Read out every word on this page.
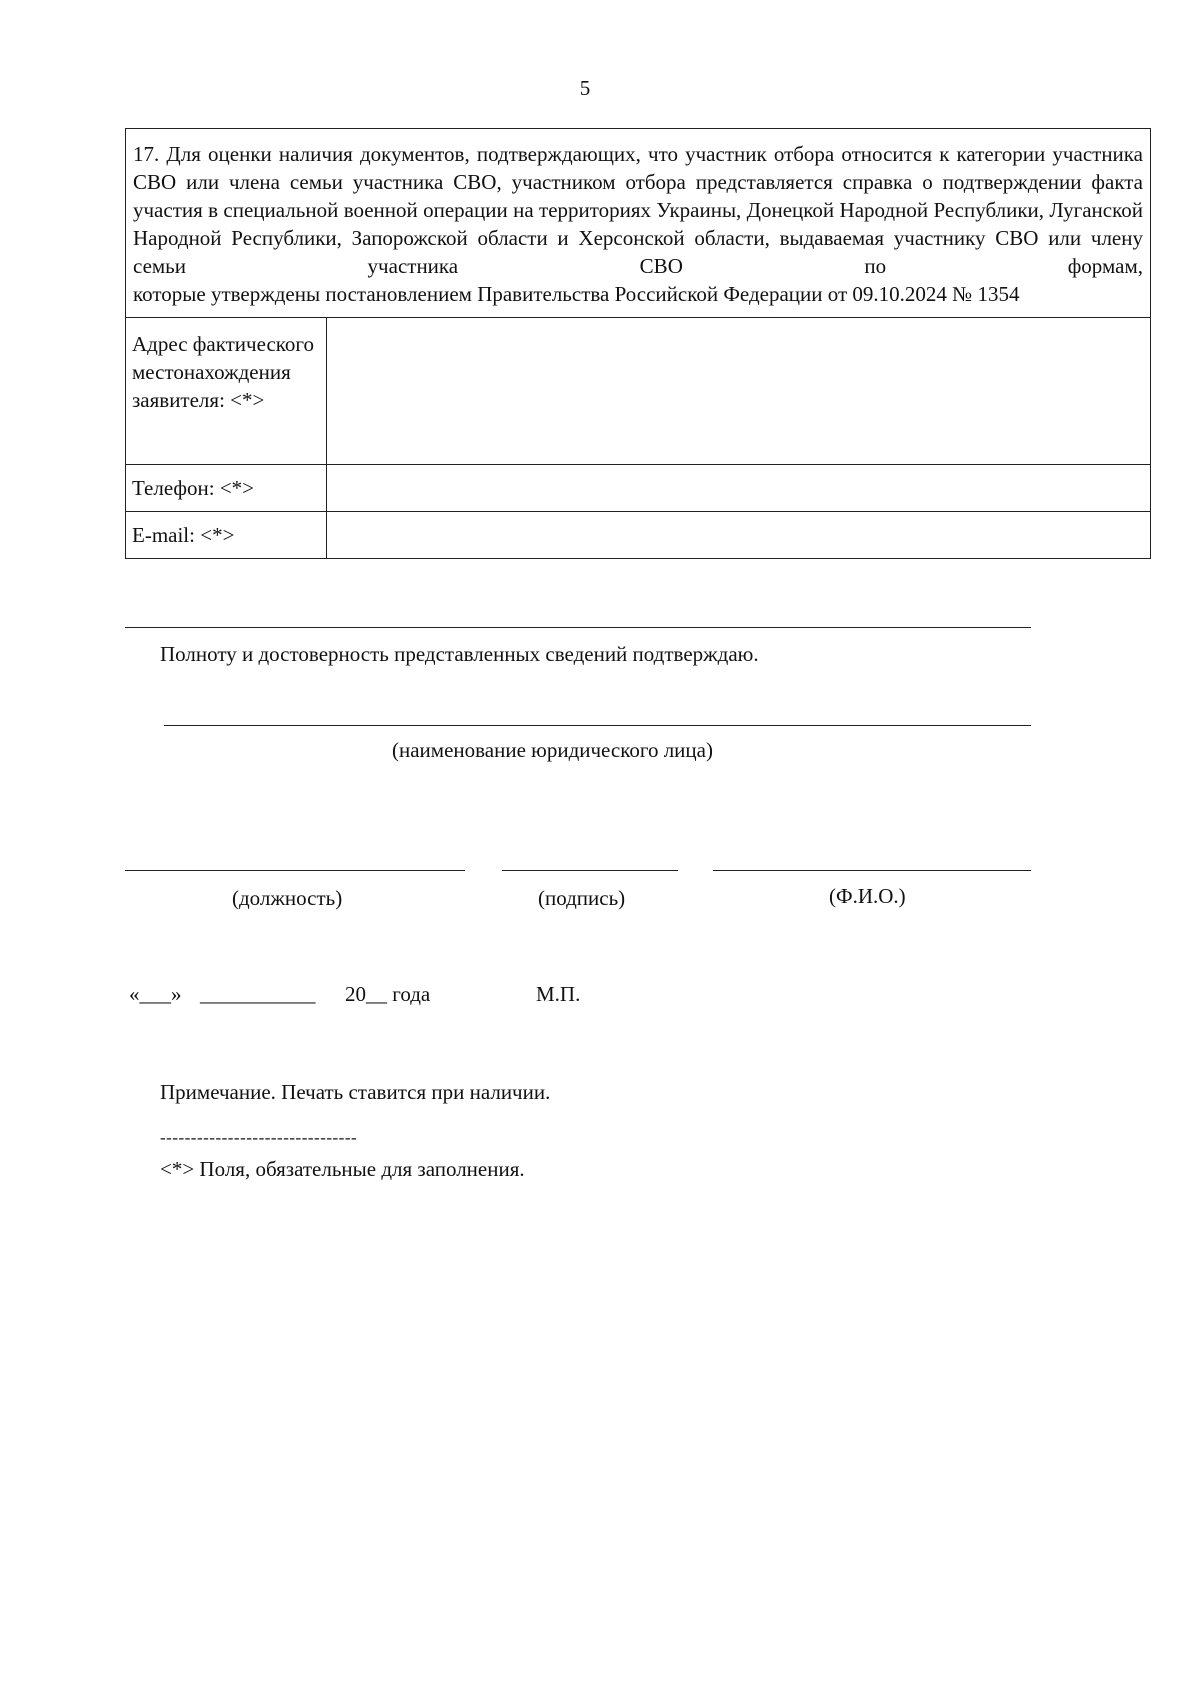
5
17. Для оценки наличия документов, подтверждающих, что участник отбора относится к категории участника СВО или члена семьи участника СВО, участником отбора представляется справка о подтверждении факта участия в специальной военной операции на территориях Украины, Донецкой Народной Республики, Луганской Народной Республики, Запорожской области и Херсонской области, выдаваемая участнику СВО или члену семьи участника СВО по формам,
которые утверждены постановлением Правительства Российской Федерации от 09.10.2024 № 1354	

Адрес фактического местонахождения заявителя: <*>	
Телефон: <*>	
E-mail: <*>	
Полноту и достоверность представленных сведений подтверждаю.
(наименование юридического лица)
(должность)	(подпись)	(Ф.И.О.)
«___» ___________ 20__ года	М.П.
Примечание. Печать ставится при наличии.
--------------------------------
<*> Поля, обязательные для заполнения.
